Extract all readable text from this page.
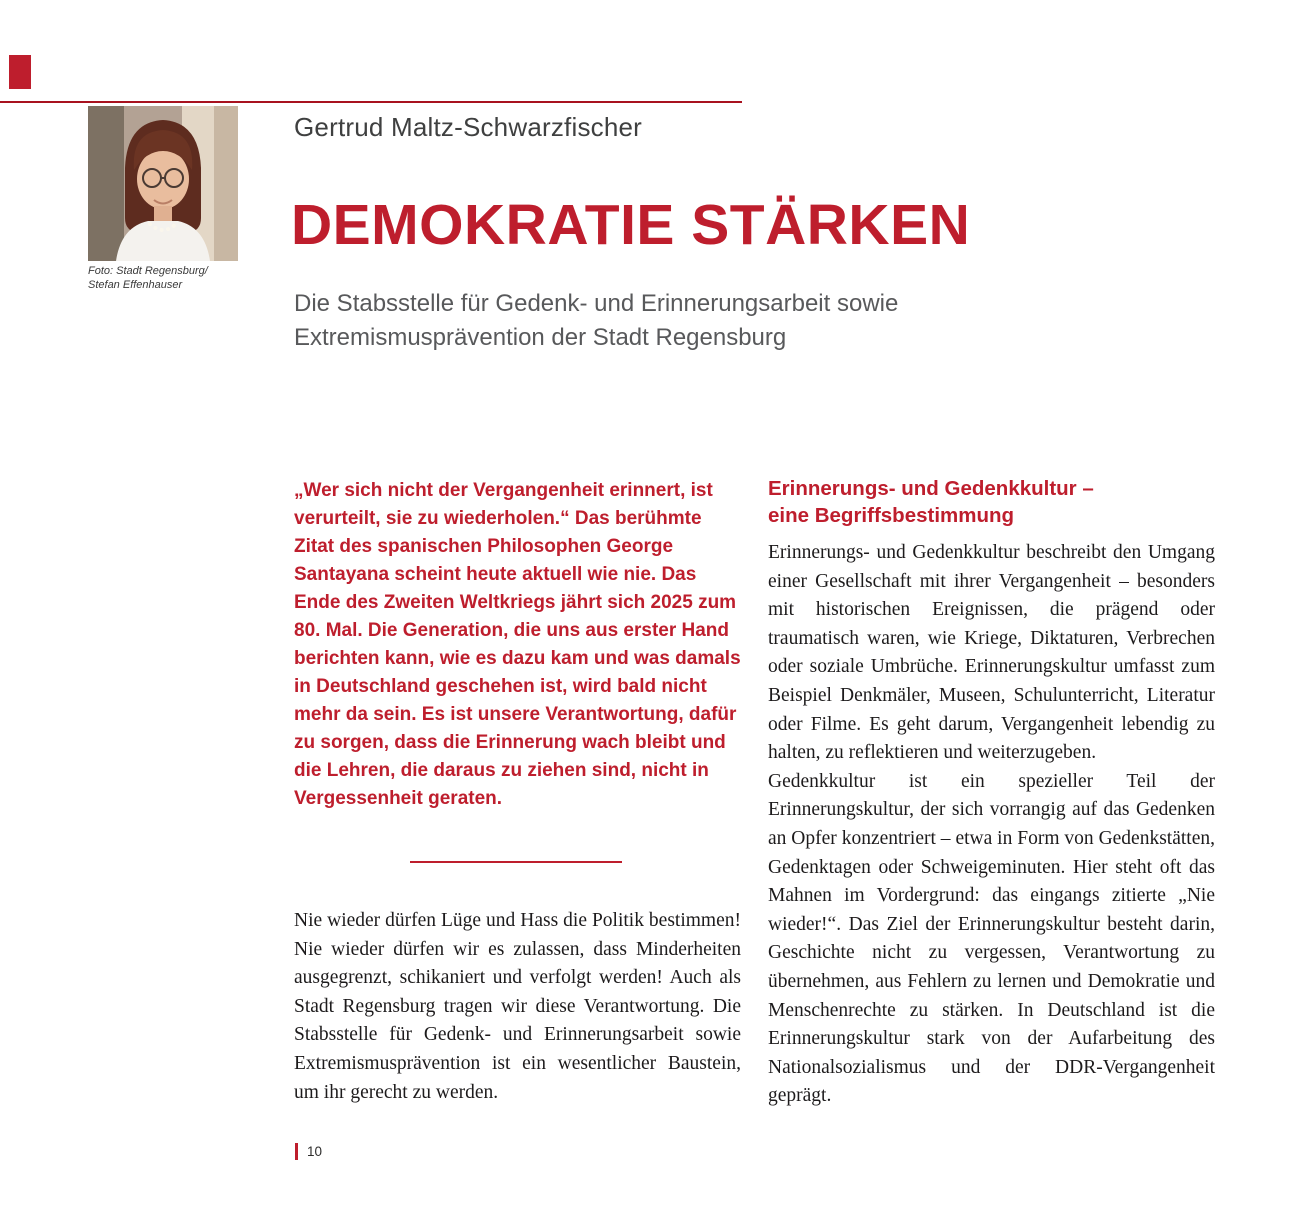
Foto: Stadt Regensburg/
Stefan Effenhauser
Gertrud Maltz-Schwarzfischer
DEMOKRATIE STÄRKEN
Die Stabsstelle für Gedenk- und Erinnerungsarbeit sowie Extremismusprävention der Stadt Regensburg
„Wer sich nicht der Vergangenheit erinnert, ist verurteilt, sie zu wiederholen.“ Das berühmte Zitat des spanischen Philosophen George Santayana scheint heute aktuell wie nie. Das Ende des Zweiten Weltkriegs jährt sich 2025 zum 80. Mal. Die Generation, die uns aus erster Hand berichten kann, wie es dazu kam und was damals in Deutschland geschehen ist, wird bald nicht mehr da sein. Es ist unsere Verantwortung, dafür zu sorgen, dass die Erinnerung wach bleibt und die Lehren, die daraus zu ziehen sind, nicht in Vergessenheit geraten.
Nie wieder dürfen Lüge und Hass die Politik bestimmen! Nie wieder dürfen wir es zulassen, dass Minderheiten ausgegrenzt, schikaniert und verfolgt werden! Auch als Stadt Regensburg tragen wir diese Verantwortung. Die Stabsstelle für Gedenk- und Erinnerungsarbeit sowie Extremismusprävention ist ein wesentlicher Baustein, um ihr gerecht zu werden.
Erinnerungs- und Gedenkkultur –
eine Begriffsbestimmung

Erinnerungs- und Gedenkkultur beschreibt den Umgang einer Gesellschaft mit ihrer Vergangenheit – besonders mit historischen Ereignissen, die prägend oder traumatisch waren, wie Kriege, Diktaturen, Verbrechen oder soziale Umbrüche. Erinnerungskultur umfasst zum Beispiel Denkmäler, Museen, Schulunterricht, Literatur oder Filme. Es geht darum, Vergangenheit lebendig zu halten, zu reflektieren und weiterzugeben.

Gedenkkultur ist ein spezieller Teil der Erinnerungskultur, der sich vorrangig auf das Gedenken an Opfer konzentriert – etwa in Form von Gedenkstätten, Gedenktagen oder Schweigeminuten. Hier steht oft das Mahnen im Vordergrund: das eingangs zitierte „Nie wieder!“. Das Ziel der Erinnerungskultur besteht darin, Geschichte nicht zu vergessen, Verantwortung zu übernehmen, aus Fehlern zu lernen und Demokratie und Menschenrechte zu stärken. In Deutschland ist die Erinnerungskultur stark von der Aufarbeitung des Nationalsozialismus und der DDR-Vergangenheit geprägt.

10
